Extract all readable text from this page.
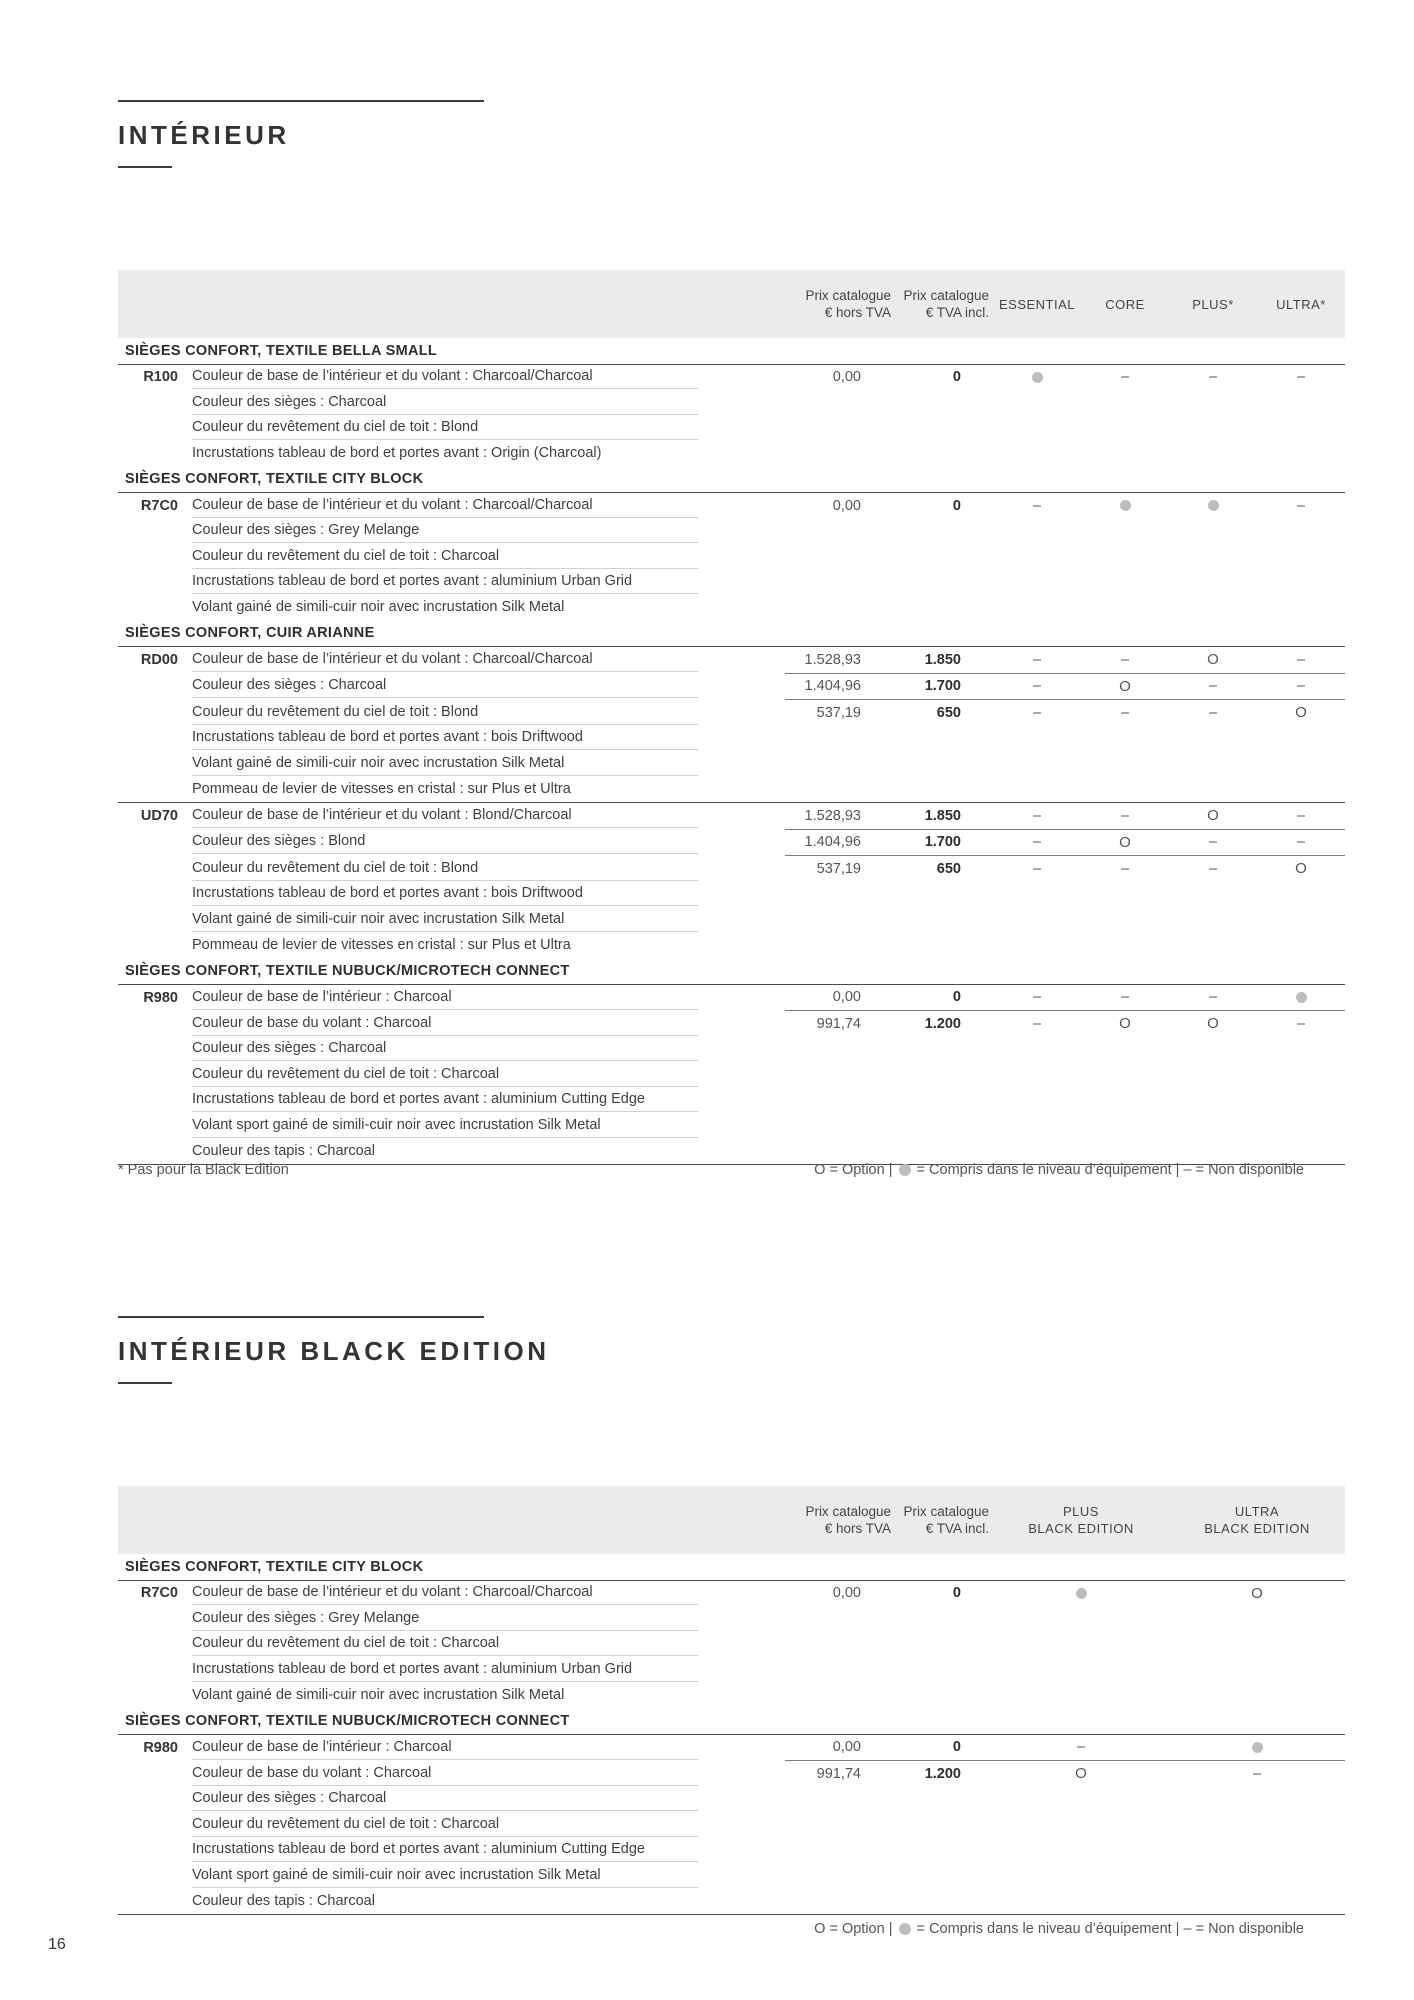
INTÉRIEUR
		Prix catalogue
€ hors TVA	Prix catalogue
€ TVA incl.	ESSENTIAL	CORE	PLUS*	ULTRA*
SIÈGES CONFORT, TEXTILE BELLA SMALL							
R100	Couleur de base de l’intérieur et du volant : Charcoal/Charcoal	0,00	0		–	–	–
	Couleur des sièges : Charcoal						
	Couleur du revêtement du ciel de toit : Blond						
	Incrustations tableau de bord et portes avant : Origin (Charcoal)						
SIÈGES CONFORT, TEXTILE CITY BLOCK							
R7C0	Couleur de base de l’intérieur et du volant : Charcoal/Charcoal	0,00	0	–			–
	Couleur des sièges : Grey Melange						
	Couleur du revêtement du ciel de toit : Charcoal						
	Incrustations tableau de bord et portes avant : aluminium Urban Grid						
	Volant gainé de simili-cuir noir avec incrustation Silk Metal						
SIÈGES CONFORT, CUIR ARIANNE							
RD00	Couleur de base de l’intérieur et du volant : Charcoal/Charcoal	1.528,93	1.850	–	–	O	–
	Couleur des sièges : Charcoal	1.404,96	1.700	–	O	–	–
	Couleur du revêtement du ciel de toit : Blond	537,19	650	–	–	–	O
	Incrustations tableau de bord et portes avant : bois Driftwood						
	Volant gainé de simili-cuir noir avec incrustation Silk Metal						
	Pommeau de levier de vitesses en cristal : sur Plus et Ultra						
UD70	Couleur de base de l’intérieur et du volant : Blond/Charcoal	1.528,93	1.850	–	–	O	–
	Couleur des sièges : Blond	1.404,96	1.700	–	O	–	–
	Couleur du revêtement du ciel de toit : Blond	537,19	650	–	–	–	O
	Incrustations tableau de bord et portes avant : bois Driftwood						
	Volant gainé de simili-cuir noir avec incrustation Silk Metal						
	Pommeau de levier de vitesses en cristal : sur Plus et Ultra						
SIÈGES CONFORT, TEXTILE NUBUCK/MICROTECH CONNECT							
R980	Couleur de base de l’intérieur : Charcoal	0,00	0	–	–	–	
	Couleur de base du volant : Charcoal	991,74	1.200	–	O	O	–
	Couleur des sièges : Charcoal						
	Couleur du revêtement du ciel de toit : Charcoal						
	Incrustations tableau de bord et portes avant : aluminium Cutting Edge						
	Volant sport gainé de simili-cuir noir avec incrustation Silk Metal						
	Couleur des tapis : Charcoal						
* Pas pour la Black Edition	O = Option | = Compris dans le niveau d’équipement | – = Non disponible
INTÉRIEUR BLACK EDITION
		Prix catalogue
€ hors TVA	Prix catalogue
€ TVA incl.	PLUS
BLACK EDITION	ULTRA
BLACK EDITION
SIÈGES CONFORT, TEXTILE CITY BLOCK					
R7C0	Couleur de base de l’intérieur et du volant : Charcoal/Charcoal	0,00	0		O
	Couleur des sièges : Grey Melange				
	Couleur du revêtement du ciel de toit : Charcoal				
	Incrustations tableau de bord et portes avant : aluminium Urban Grid				
	Volant gainé de simili-cuir noir avec incrustation Silk Metal				
SIÈGES CONFORT, TEXTILE NUBUCK/MICROTECH CONNECT					
R980	Couleur de base de l’intérieur : Charcoal	0,00	0	–	
	Couleur de base du volant : Charcoal	991,74	1.200	O	–
	Couleur des sièges : Charcoal				
	Couleur du revêtement du ciel de toit : Charcoal				
	Incrustations tableau de bord et portes avant : aluminium Cutting Edge				
	Volant sport gainé de simili-cuir noir avec incrustation Silk Metal				
	Couleur des tapis : Charcoal				
O = Option | = Compris dans le niveau d’équipement | – = Non disponible
16
